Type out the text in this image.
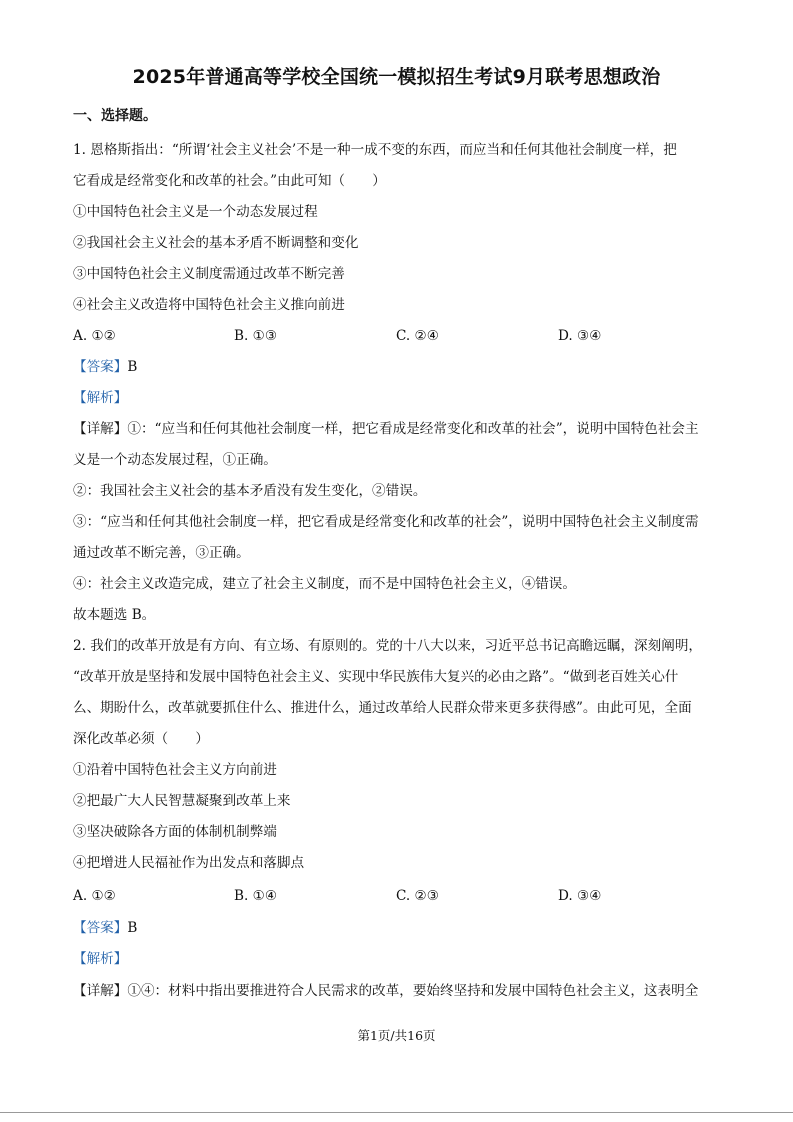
2025年普通高等学校全国统一模拟招生考试9月联考思想政治
一、选择题。
1. 恩格斯指出：“所谓‘社会主义社会’不是一种一成不变的东西，而应当和任何其他社会制度一样，把
它看成是经常变化和改革的社会。”由此可知（　　）
①中国特色社会主义是一个动态发展过程
②我国社会主义社会的基本矛盾不断调整和变化
③中国特色社会主义制度需通过改革不断完善
④社会主义改造将中国特色社会主义推向前进
A. ①②	B. ①③	C. ②④	D. ③④
【答案】B
【解析】
【详解】①：“应当和任何其他社会制度一样，把它看成是经常变化和改革的社会”，说明中国特色社会主
义是一个动态发展过程，①正确。
②：我国社会主义社会的基本矛盾没有发生变化，②错误。
③：“应当和任何其他社会制度一样，把它看成是经常变化和改革的社会”，说明中国特色社会主义制度需
通过改革不断完善，③正确。
④：社会主义改造完成，建立了社会主义制度，而不是中国特色社会主义，④错误。
故本题选 B。
2. 我们的改革开放是有方向、有立场、有原则的。党的十八大以来，习近平总书记高瞻远瞩，深刻阐明，
“改革开放是坚持和发展中国特色社会主义、实现中华民族伟大复兴的必由之路”。“做到老百姓关心什
么、期盼什么，改革就要抓住什么、推进什么，通过改革给人民群众带来更多获得感”。由此可见，全面
深化改革必须（　　）
①沿着中国特色社会主义方向前进
②把最广大人民智慧凝聚到改革上来
③坚决破除各方面的体制机制弊端
④把增进人民福祉作为出发点和落脚点
A. ①②	B. ①④	C. ②③	D. ③④
【答案】B
【解析】
【详解】①④：材料中指出要推进符合人民需求的改革，要始终坚持和发展中国特色社会主义，这表明全
第1页/共16页
